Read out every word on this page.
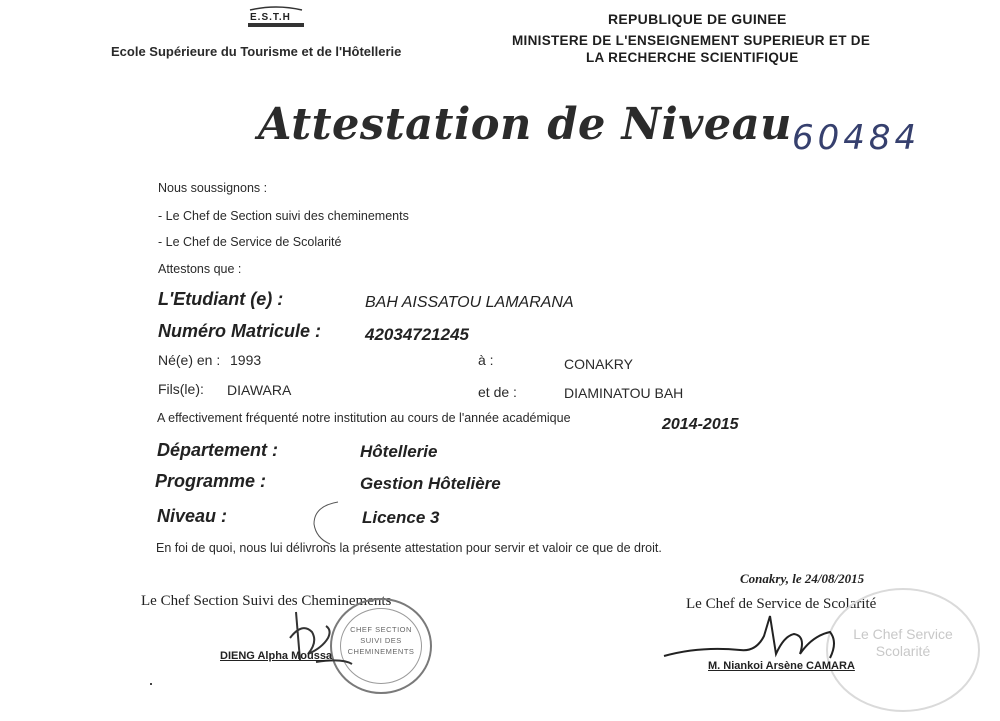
E.S.T.H
Ecole Supérieure du Tourisme et de l'Hôtellerie
REPUBLIQUE DE GUINEE
MINISTERE DE L'ENSEIGNEMENT SUPERIEUR ET DE
LA RECHERCHE SCIENTIFIQUE
Attestation de Niveau 60484
Nous soussignons :
- Le Chef de Section suivi des cheminements
- Le Chef de Service de Scolarité
Attestons que :
L'Etudiant (e) :	BAH AISSATOU LAMARANA
Numéro Matricule :	42034721245
Né(e) en : 1993	à :	CONAKRY
Fils(le): DIAWARA	et de :	DIAMINATOU BAH
A effectivement fréquenté notre institution au cours de l'année académique	2014-2015
Département :	Hôtellerie
Programme :	Gestion Hôtelière
Niveau :	Licence 3
En foi de quoi, nous lui délivrons la présente attestation pour servir et valoir ce que de droit.
Conakry, le 24/08/2015
Le Chef Section Suivi des Cheminements
CHEF SECTION SUIVI DES CHEMINEMENTS
DIENG Alpha Moussa
Le Chef de Service de Scolarité
Le Chef Service Scolarité
M. Niankoi Arsène CAMARA
